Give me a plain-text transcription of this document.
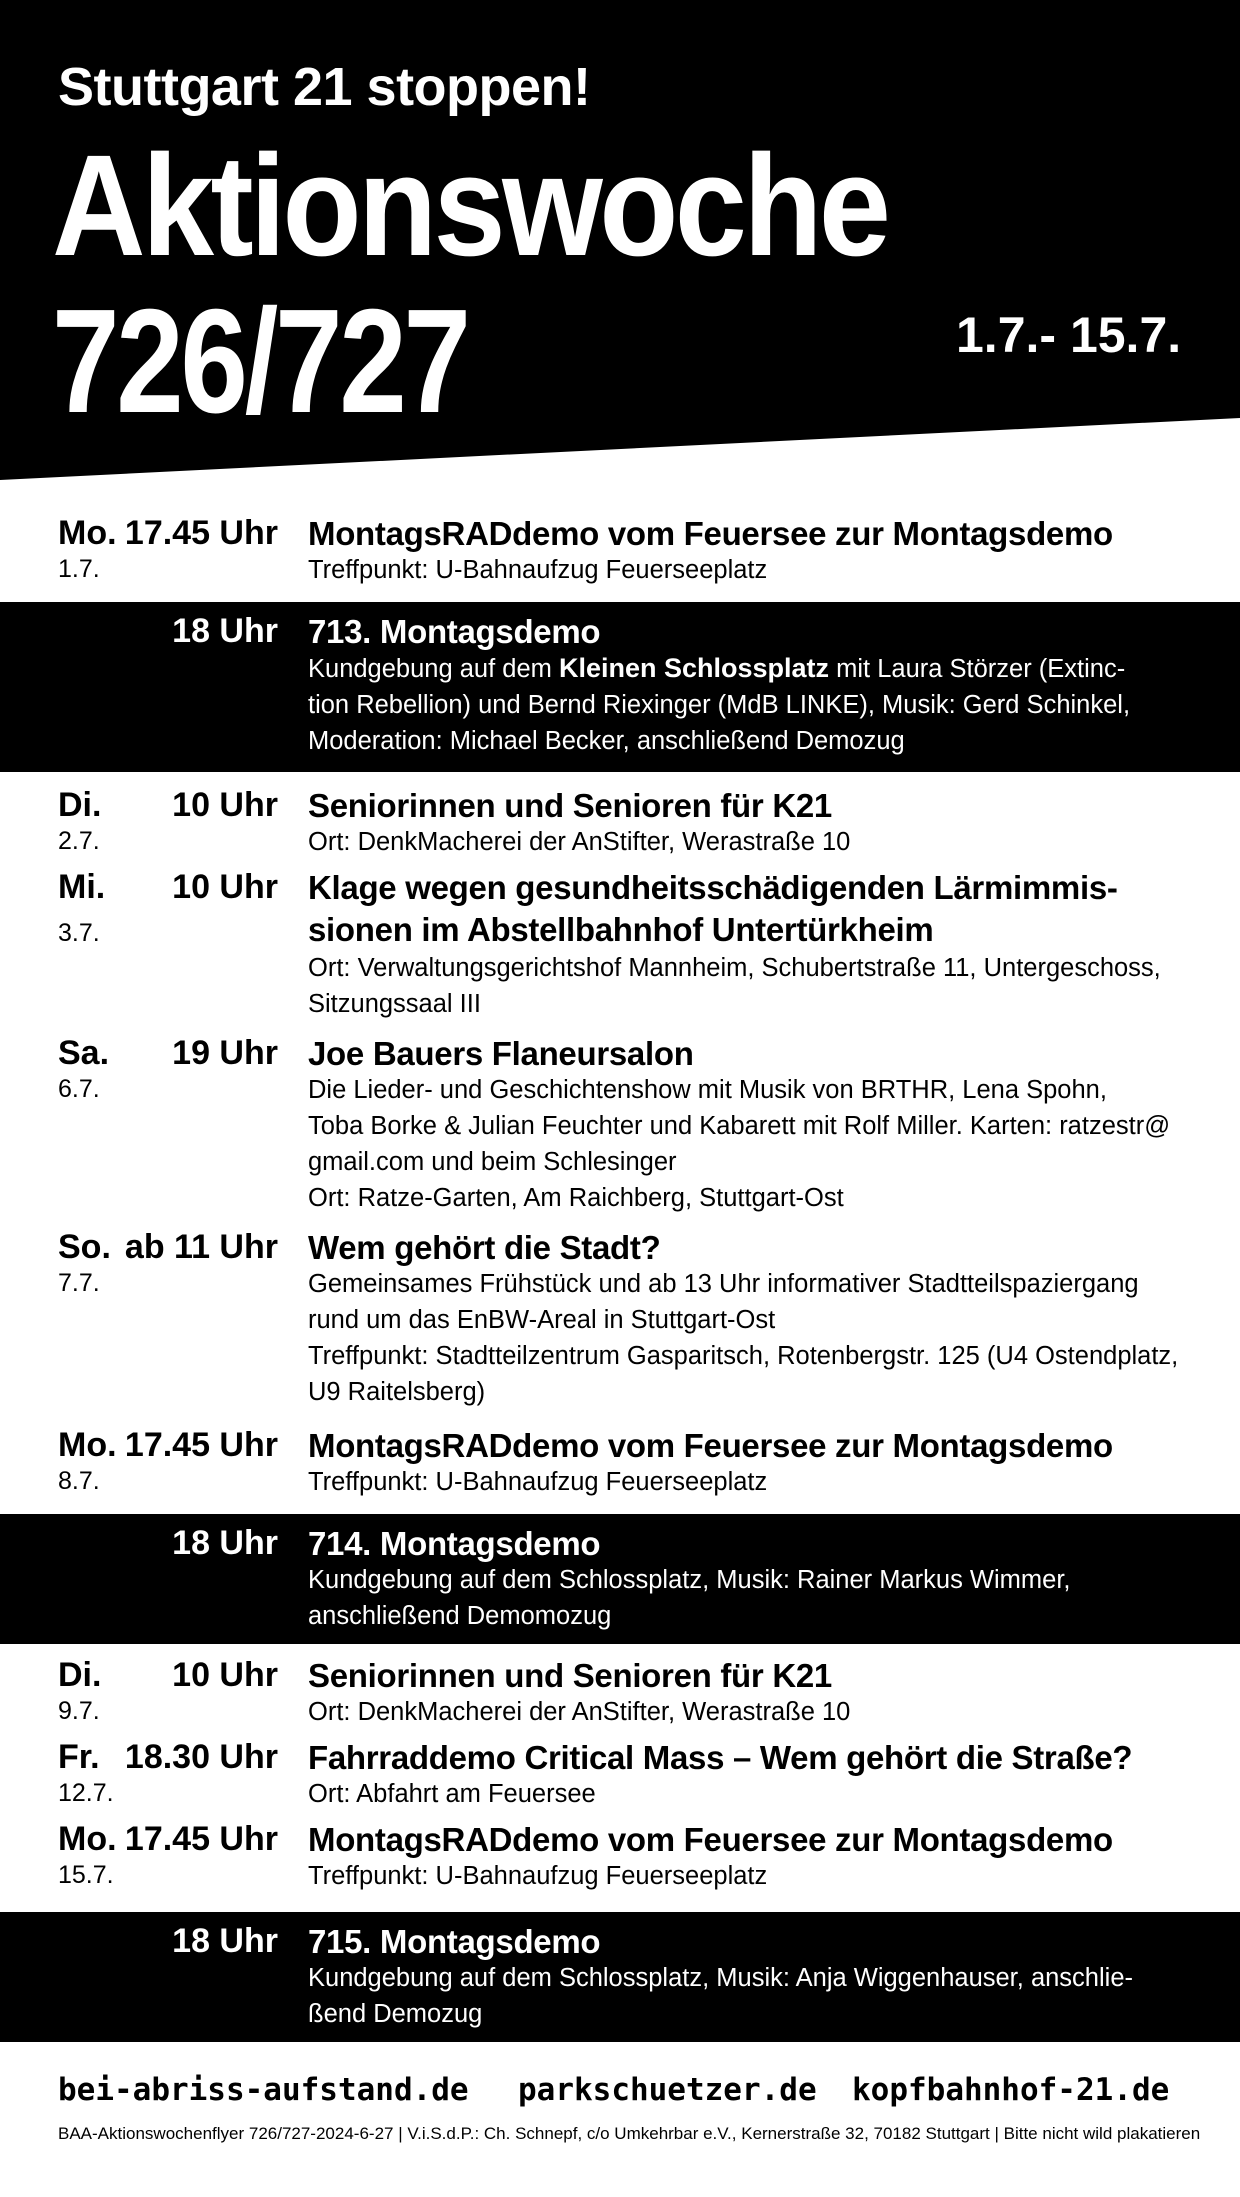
Stuttgart 21 stoppen!
Aktionswoche
726/727	1.7.- 15.7.
Mo. 17.45 Uhr
1.7.
MontagsRADdemo vom Feuersee zur Montagsdemo
Treffpunkt: U-Bahnaufzug Feuerseeplatz
18 Uhr 713. Montagsdemo
Kundgebung auf dem Kleinen Schlossplatz mit Laura Störzer (Extinc-
tion Rebellion) und Bernd Riexinger (MdB LINKE), Musik: Gerd Schinkel,
Moderation: Michael Becker, anschließend Demozug
Di. 10 Uhr
2.7.
Seniorinnen und Senioren für K21
Ort: DenkMacherei der AnStifter, Werastraße 10
Mi. 10 Uhr
3.7.
Klage wegen gesundheitsschädigenden Lärmimmis-
sionen im Abstellbahnhof Untertürkheim
Ort: Verwaltungsgerichtshof Mannheim, Schubertstraße 11, Untergeschoss,
Sitzungssaal III
Sa. 19 Uhr
6.7.
Joe Bauers Flaneursalon
Die Lieder- und Geschichtenshow mit Musik von BRTHR, Lena Spohn,
Toba Borke & Julian Feuchter und Kabarett mit Rolf Miller. Karten: ratzestr@
gmail.com und beim Schlesinger
Ort: Ratze-Garten, Am Raichberg, Stuttgart-Ost
So. ab 11 Uhr
7.7.
Wem gehört die Stadt?
Gemeinsames Frühstück und ab 13 Uhr informativer Stadtteilspaziergang
rund um das EnBW-Areal in Stuttgart-Ost
Treffpunkt: Stadtteilzentrum Gasparitsch, Rotenbergstr. 125 (U4 Ostendplatz,
U9 Raitelsberg)
Mo. 17.45 Uhr
8.7.
MontagsRADdemo vom Feuersee zur Montagsdemo
Treffpunkt: U-Bahnaufzug Feuerseeplatz
18 Uhr 714. Montagsdemo
Kundgebung auf dem Schlossplatz, Musik: Rainer Markus Wimmer,
anschließend Demomozug
Di. 10 Uhr
9.7.
Seniorinnen und Senioren für K21
Ort: DenkMacherei der AnStifter, Werastraße 10
Fr. 18.30 Uhr
12.7.
Fahrraddemo Critical Mass – Wem gehört die Straße?
Ort: Abfahrt am Feuersee
Mo. 17.45 Uhr
15.7.
MontagsRADdemo vom Feuersee zur Montagsdemo
Treffpunkt: U-Bahnaufzug Feuerseeplatz
18 Uhr 715. Montagsdemo
Kundgebung auf dem Schlossplatz, Musik: Anja Wiggenhauser, anschlie-
ßend Demozug
bei-abriss-aufstand.de parkschuetzer.de kopfbahnhof-21.de
BAA-Aktionswochenflyer 726/727-2024-6-27 | V.i.S.d.P.: Ch. Schnepf, c/o Umkehrbar e.V., Kernerstraße 32, 70182 Stuttgart | Bitte nicht wild plakatieren
